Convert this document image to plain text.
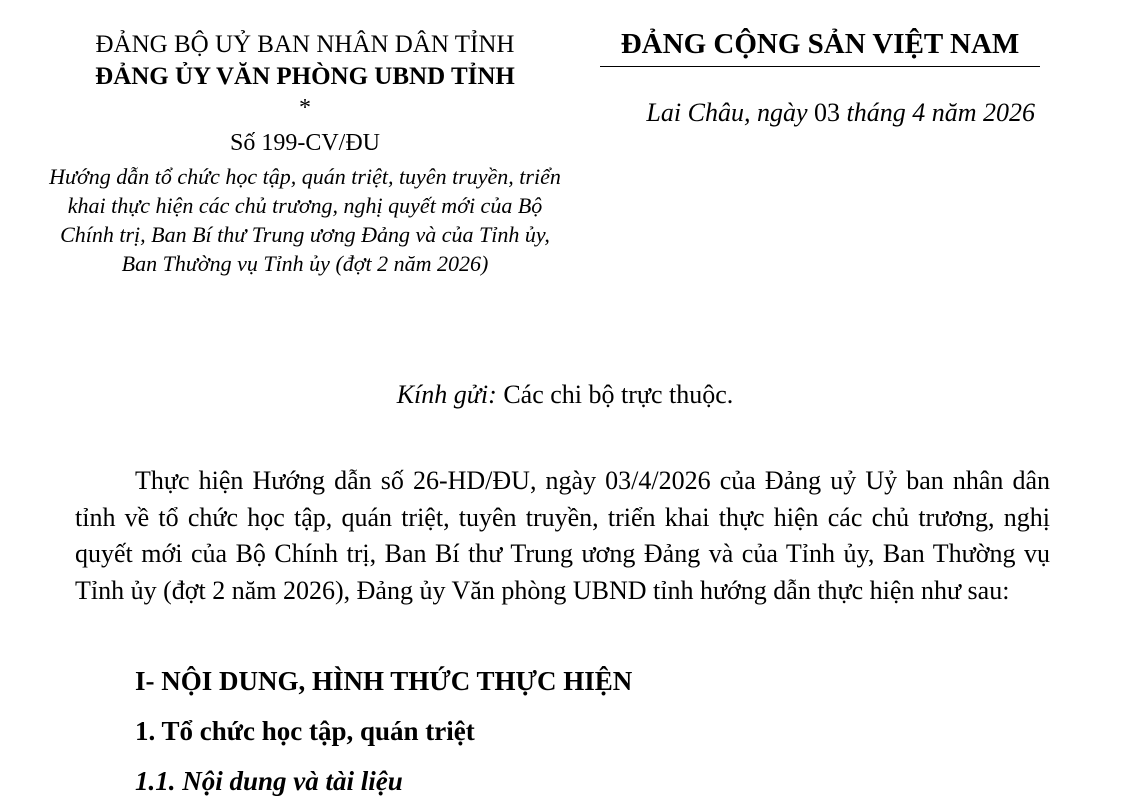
ĐẢNG BỘ UỶ BAN NHÂN DÂN TỈNH
ĐẢNG ỦY VĂN PHÒNG UBND TỈNH
*
Số 199-CV/ĐU
Hướng dẫn tổ chức học tập, quán triệt, tuyên truyền, triển khai thực hiện các chủ trương, nghị quyết mới của Bộ Chính trị, Ban Bí thư Trung ương Đảng và của Tỉnh ủy, Ban Thường vụ Tỉnh ủy (đợt 2 năm 2026)
ĐẢNG CỘNG SẢN VIỆT NAM
Lai Châu, ngày 03 tháng 4 năm 2026
Kính gửi: Các chi bộ trực thuộc.
Thực hiện Hướng dẫn số 26-HD/ĐU, ngày 03/4/2026 của Đảng uỷ Uỷ ban nhân dân tỉnh về tổ chức học tập, quán triệt, tuyên truyền, triển khai thực hiện các chủ trương, nghị quyết mới của Bộ Chính trị, Ban Bí thư Trung ương Đảng và của Tỉnh ủy, Ban Thường vụ Tỉnh ủy (đợt 2 năm 2026), Đảng ủy Văn phòng UBND tỉnh hướng dẫn thực hiện như sau:
I- NỘI DUNG, HÌNH THỨC THỰC HIỆN
1. Tổ chức học tập, quán triệt
1.1. Nội dung và tài liệu
